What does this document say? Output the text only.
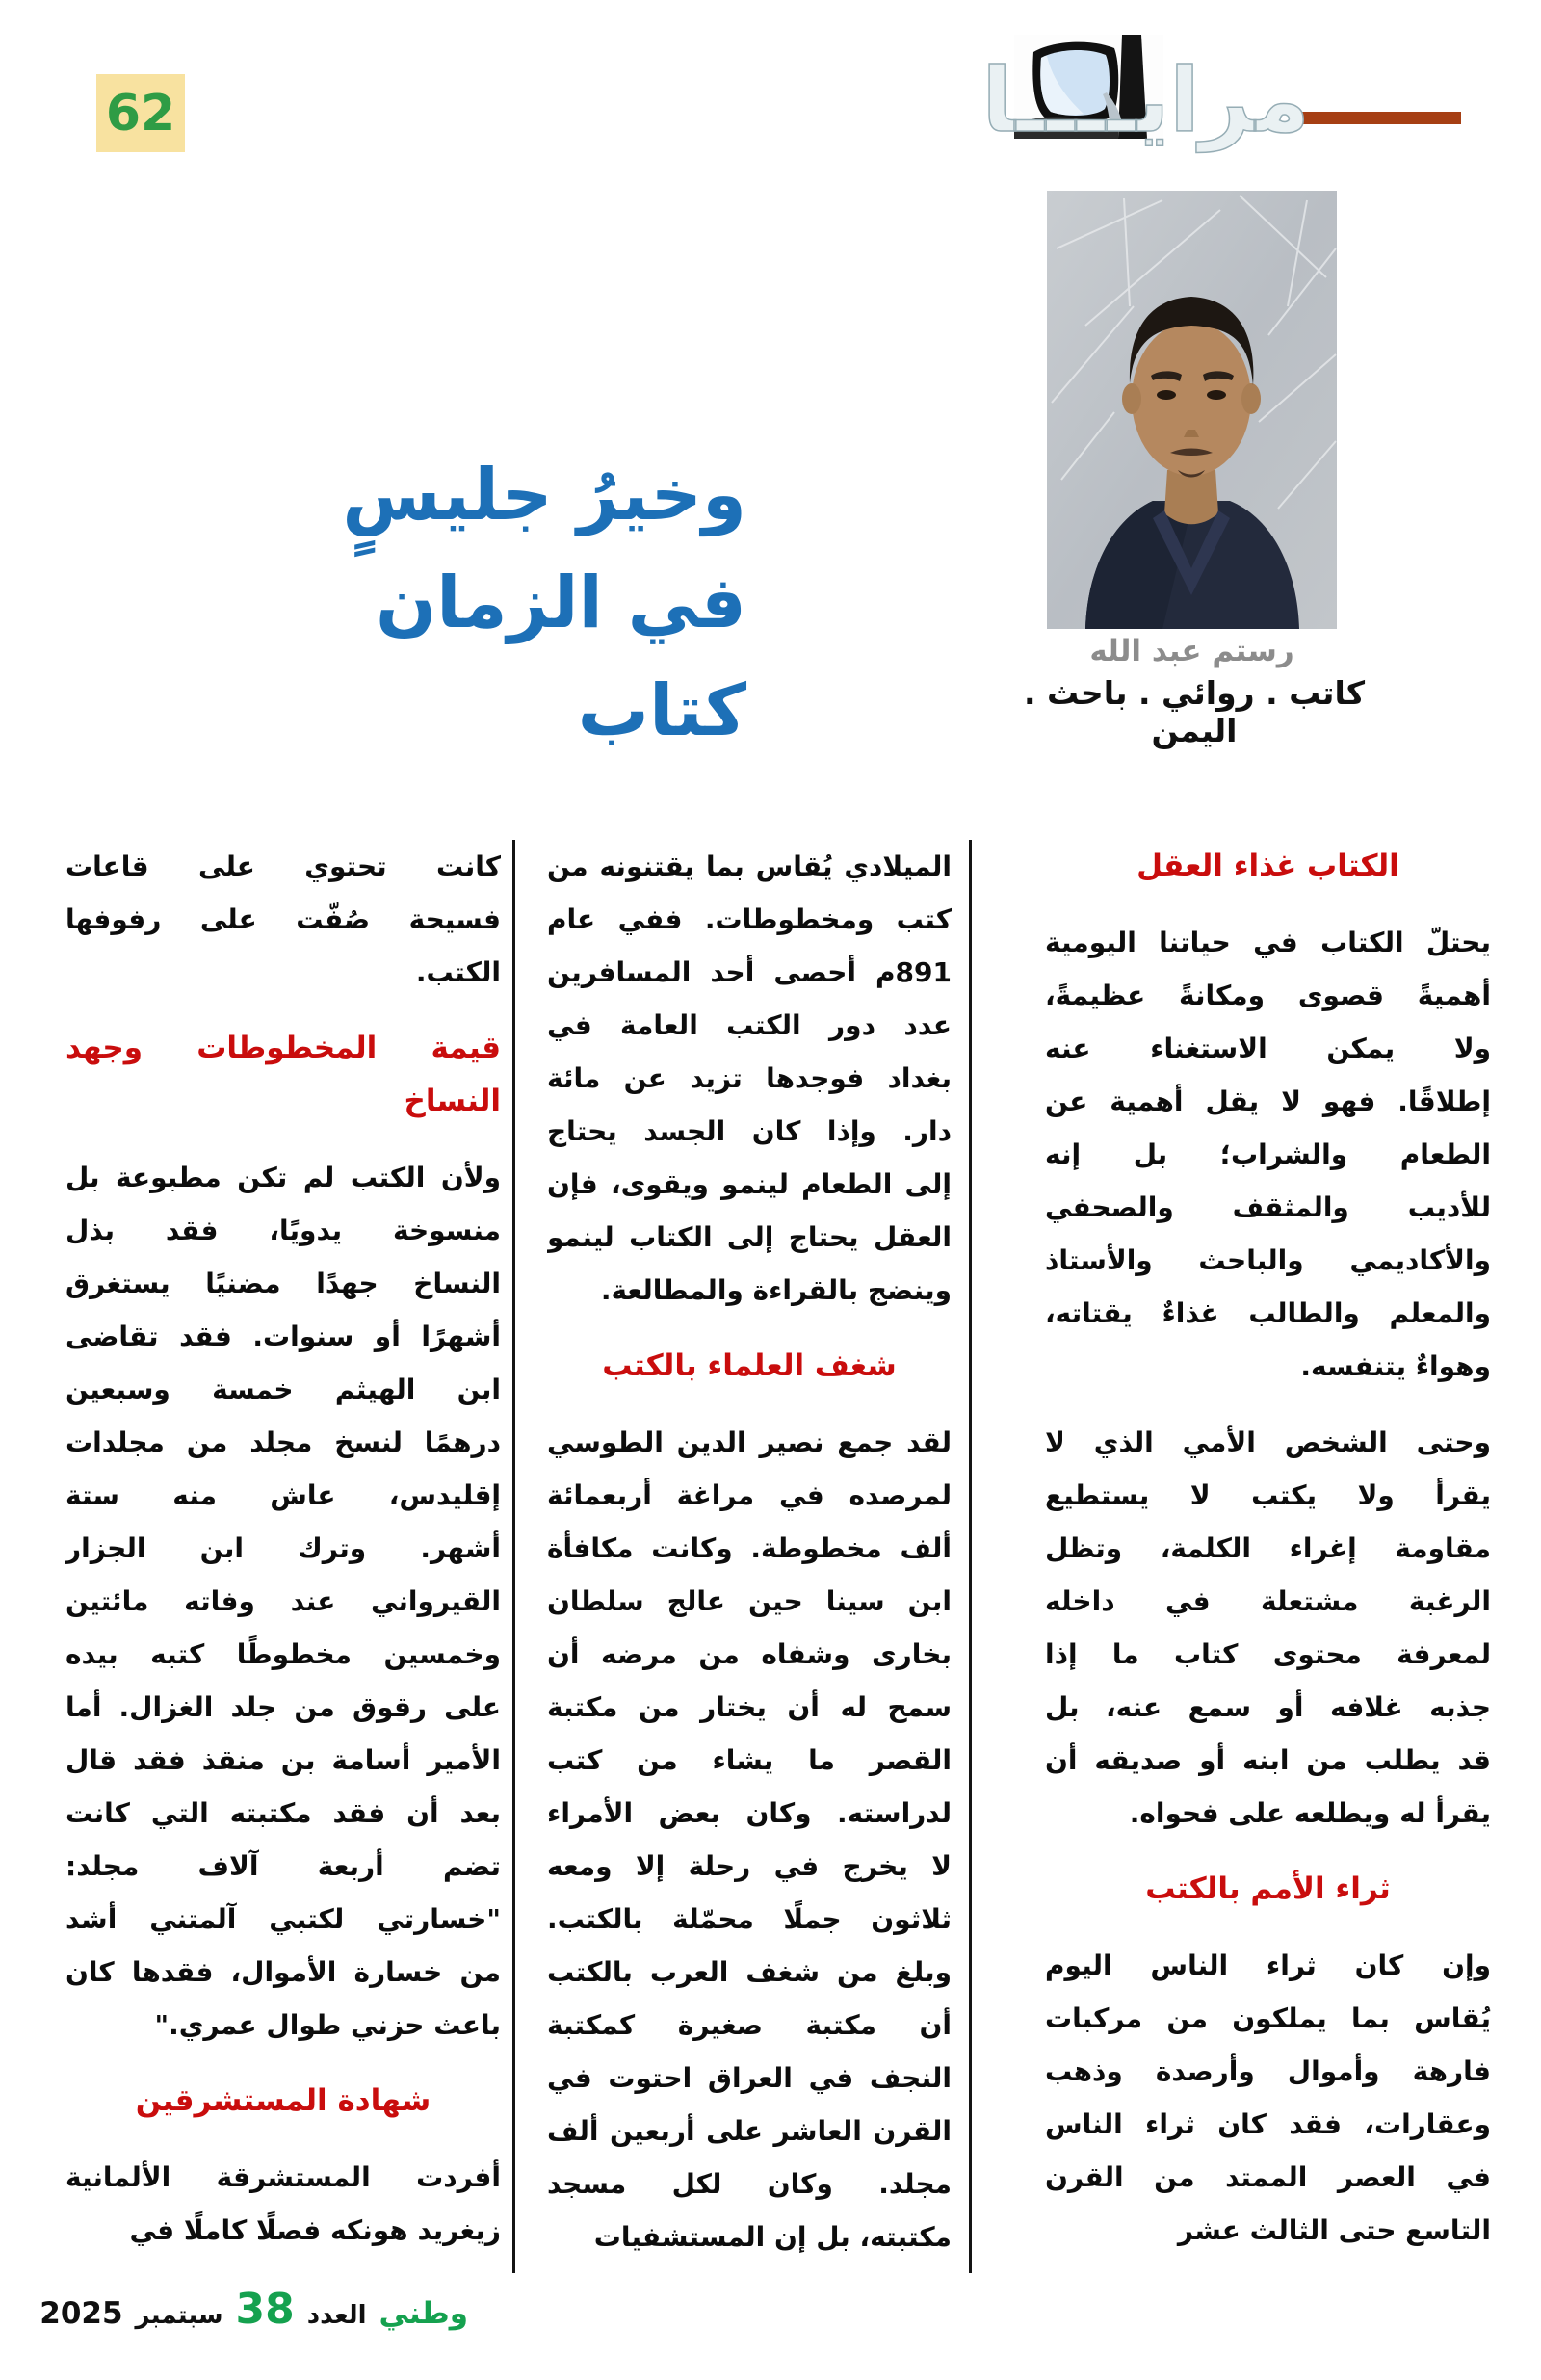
62	مرايــــا
رستم عبد الله
كاتب . روائي . باحث . اليمن
وخيرُ جليسٍ
في الزمان كتاب
الكتاب غذاء العقل
يحتلّ الكتاب في حياتنا اليومية
أهميةً قصوى ومكانةً عظيمةً،
ولا يمكن الاستغناء عنه
إطلاقًا. فهو لا يقل أهمية عن
الطعام والشراب؛ بل إنه
للأديب والمثقف والصحفي
والأكاديمي والباحث والأستاذ
والمعلم والطالب غذاءٌ يقتاته،
وهواءٌ يتنفسه.
وحتى الشخص الأمي الذي لا
يقرأ ولا يكتب لا يستطيع
مقاومة إغراء الكلمة، وتظل
الرغبة مشتعلة في داخله
لمعرفة محتوى كتاب ما إذا
جذبه غلافه أو سمع عنه، بل
قد يطلب من ابنه أو صديقه أن
يقرأ له ويطلعه على فحواه.
ثراء الأمم بالكتب
وإن كان ثراء الناس اليوم
يُقاس بما يملكون من مركبات
فارهة وأموال وأرصدة وذهب
وعقارات، فقد كان ثراء الناس
في العصر الممتد من القرن
التاسع حتى الثالث عشر
الميلادي يُقاس بما يقتنونه من
كتب ومخطوطات. ففي عام
891م أحصى أحد المسافرين
عدد دور الكتب العامة في
بغداد فوجدها تزيد عن مائة
دار. وإذا كان الجسد يحتاج
إلى الطعام لينمو ويقوى، فإن
العقل يحتاج إلى الكتاب لينمو
وينضج بالقراءة والمطالعة.
شغف العلماء بالكتب
لقد جمع نصير الدين الطوسي
لمرصده في مراغة أربعمائة
ألف مخطوطة. وكانت مكافأة
ابن سينا حين عالج سلطان
بخارى وشفاه من مرضه أن
سمح له أن يختار من مكتبة
القصر ما يشاء من كتب
لدراسته. وكان بعض الأمراء
لا يخرج في رحلة إلا ومعه
ثلاثون جملًا محمّلة بالكتب.
وبلغ من شغف العرب بالكتب
أن مكتبة صغيرة كمكتبة
النجف في العراق احتوت في
القرن العاشر على أربعين ألف
مجلد. وكان لكل مسجد
مكتبته، بل إن المستشفيات
كانت تحتوي على قاعات
فسيحة صُفّت على رفوفها
الكتب.
قيمة المخطوطات وجهد
النساخ
ولأن الكتب لم تكن مطبوعة بل
منسوخة يدويًا، فقد بذل
النساخ جهدًا مضنيًا يستغرق
أشهرًا أو سنوات. فقد تقاضى
ابن الهيثم خمسة وسبعين
درهمًا لنسخ مجلد من مجلدات
إقليدس، عاش منه ستة
أشهر. وترك ابن الجزار
القيرواني عند وفاته مائتين
وخمسين مخطوطًا كتبه بيده
على رقوق من جلد الغزال. أما
الأمير أسامة بن منقذ فقد قال
بعد أن فقد مكتبته التي كانت
تضم أربعة آلاف مجلد:
"خسارتي لكتبي آلمتني أشد
من خسارة الأموال، فقدها كان
باعث حزني طوال عمري."
شهادة المستشرقين
أفردت المستشرقة الألمانية
زيغريد هونكه فصلًا كاملًا في
وطني
العدد
38
سبتمبر
2025
